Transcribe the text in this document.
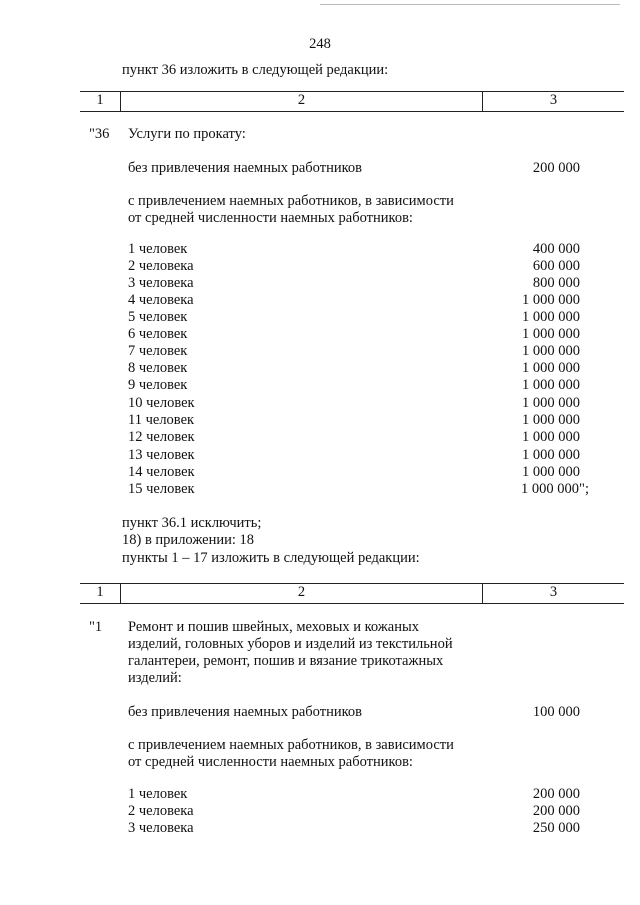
248
пункт 36 изложить в следующей редакции:
1	2	3
"36 Услуги по прокату:
без привлечения наемных работников	200 000
с привлечением наемных работников, в зависимости
от средней численности наемных работников:
1 человек	400 000
2 человека	600 000
3 человека	800 000
4 человека	1 000 000
5 человек	1 000 000
6 человек	1 000 000
7 человек	1 000 000
8 человек	1 000 000
9 человек	1 000 000
10 человек	1 000 000
11 человек	1 000 000
12 человек	1 000 000
13 человек	1 000 000
14 человек	1 000 000
15 человек	1 000 000";
пункт 36.1 исключить;
18) в приложении: 18
пункты 1 – 17 изложить в следующей редакции:
1	2	3
"1 Ремонт и пошив швейных, меховых и кожаных
изделий, головных уборов и изделий из текстильной
галантереи, ремонт, пошив и вязание трикотажных
изделий:
без привлечения наемных работников	100 000
с привлечением наемных работников, в зависимости
от средней численности наемных работников:
1 человек	200 000
2 человека	200 000
3 человека	250 000
